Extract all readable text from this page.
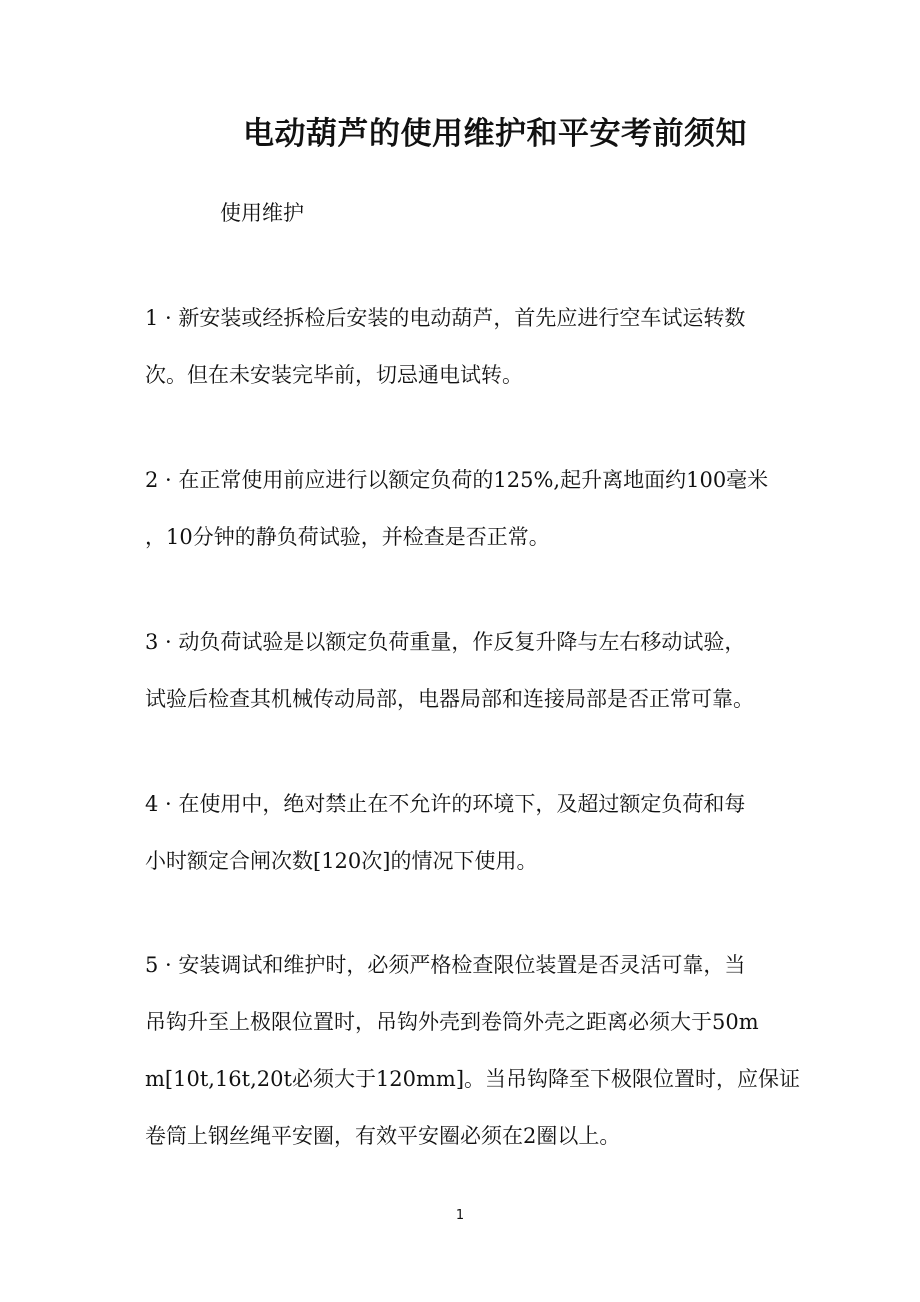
电动葫芦的使用维护和平安考前须知
使用维护
1 · 新安装或经拆检后安装的电动葫芦，首先应进行空车试运转数
次。但在未安装完毕前，切忌通电试转。
2 · 在正常使用前应进行以额定负荷的125%,起升离地面约100毫米
，10分钟的静负荷试验，并检查是否正常。
3 · 动负荷试验是以额定负荷重量，作反复升降与左右移动试验，
试验后检查其机械传动局部，电器局部和连接局部是否正常可靠。
4 · 在使用中，绝对禁止在不允许的环境下，及超过额定负荷和每
小时额定合闸次数[120次]的情况下使用。
5 · 安装调试和维护时，必须严格检查限位装置是否灵活可靠，当
吊钩升至上极限位置时，吊钩外壳到卷筒外壳之距离必须大于50m
m[10t,16t,20t必须大于120mm]。当吊钩降至下极限位置时，应保证
卷筒上钢丝绳平安圈，有效平安圈必须在2圈以上。
1
